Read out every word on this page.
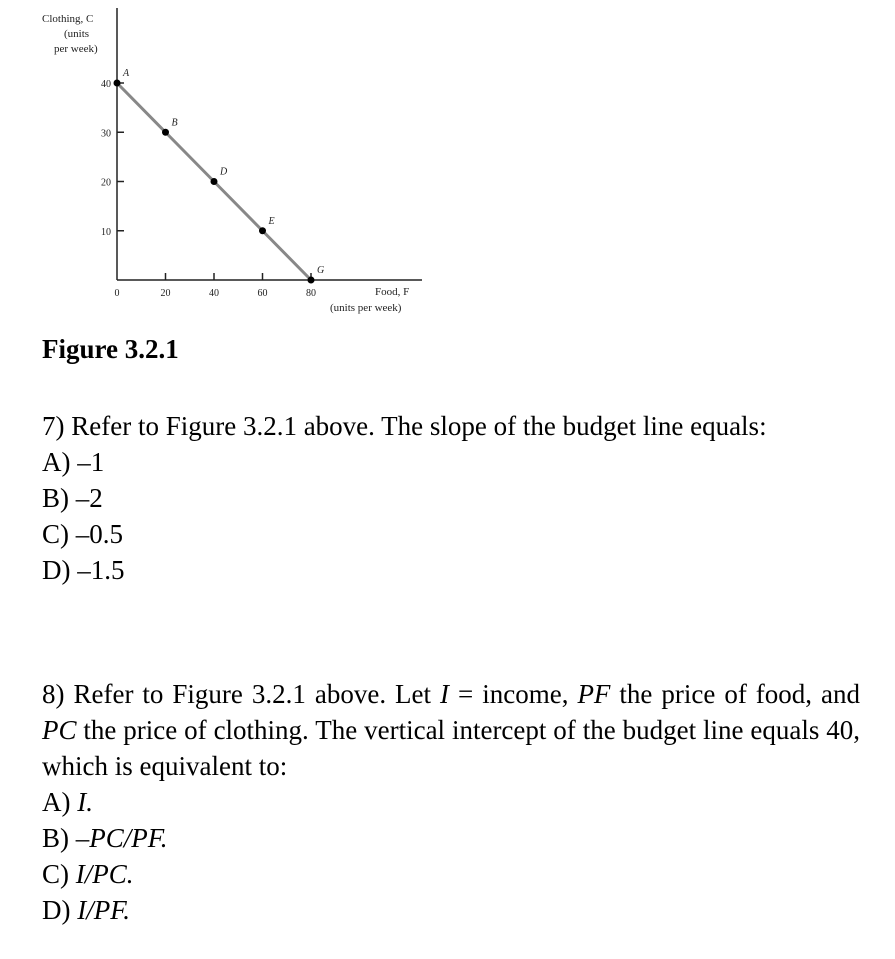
Clothing, C
(units
per week)
40
30
20
10
0	20	40	60	80
A
B
D
E
G
Food, F
(units per week)
Figure 3.2.1

7) Refer to Figure 3.2.1 above. The slope of the budget line equals:

A) –1
B) –2
C) –0.5
D) –1.5

8) Refer to Figure 3.2.1 above. Let I = income, PF the price of food, and PC the price of clothing. The vertical intercept of the budget line equals 40, which is equivalent to:

A) I.
B) –PC/PF.
C) I/PC.
D) I/PF.
